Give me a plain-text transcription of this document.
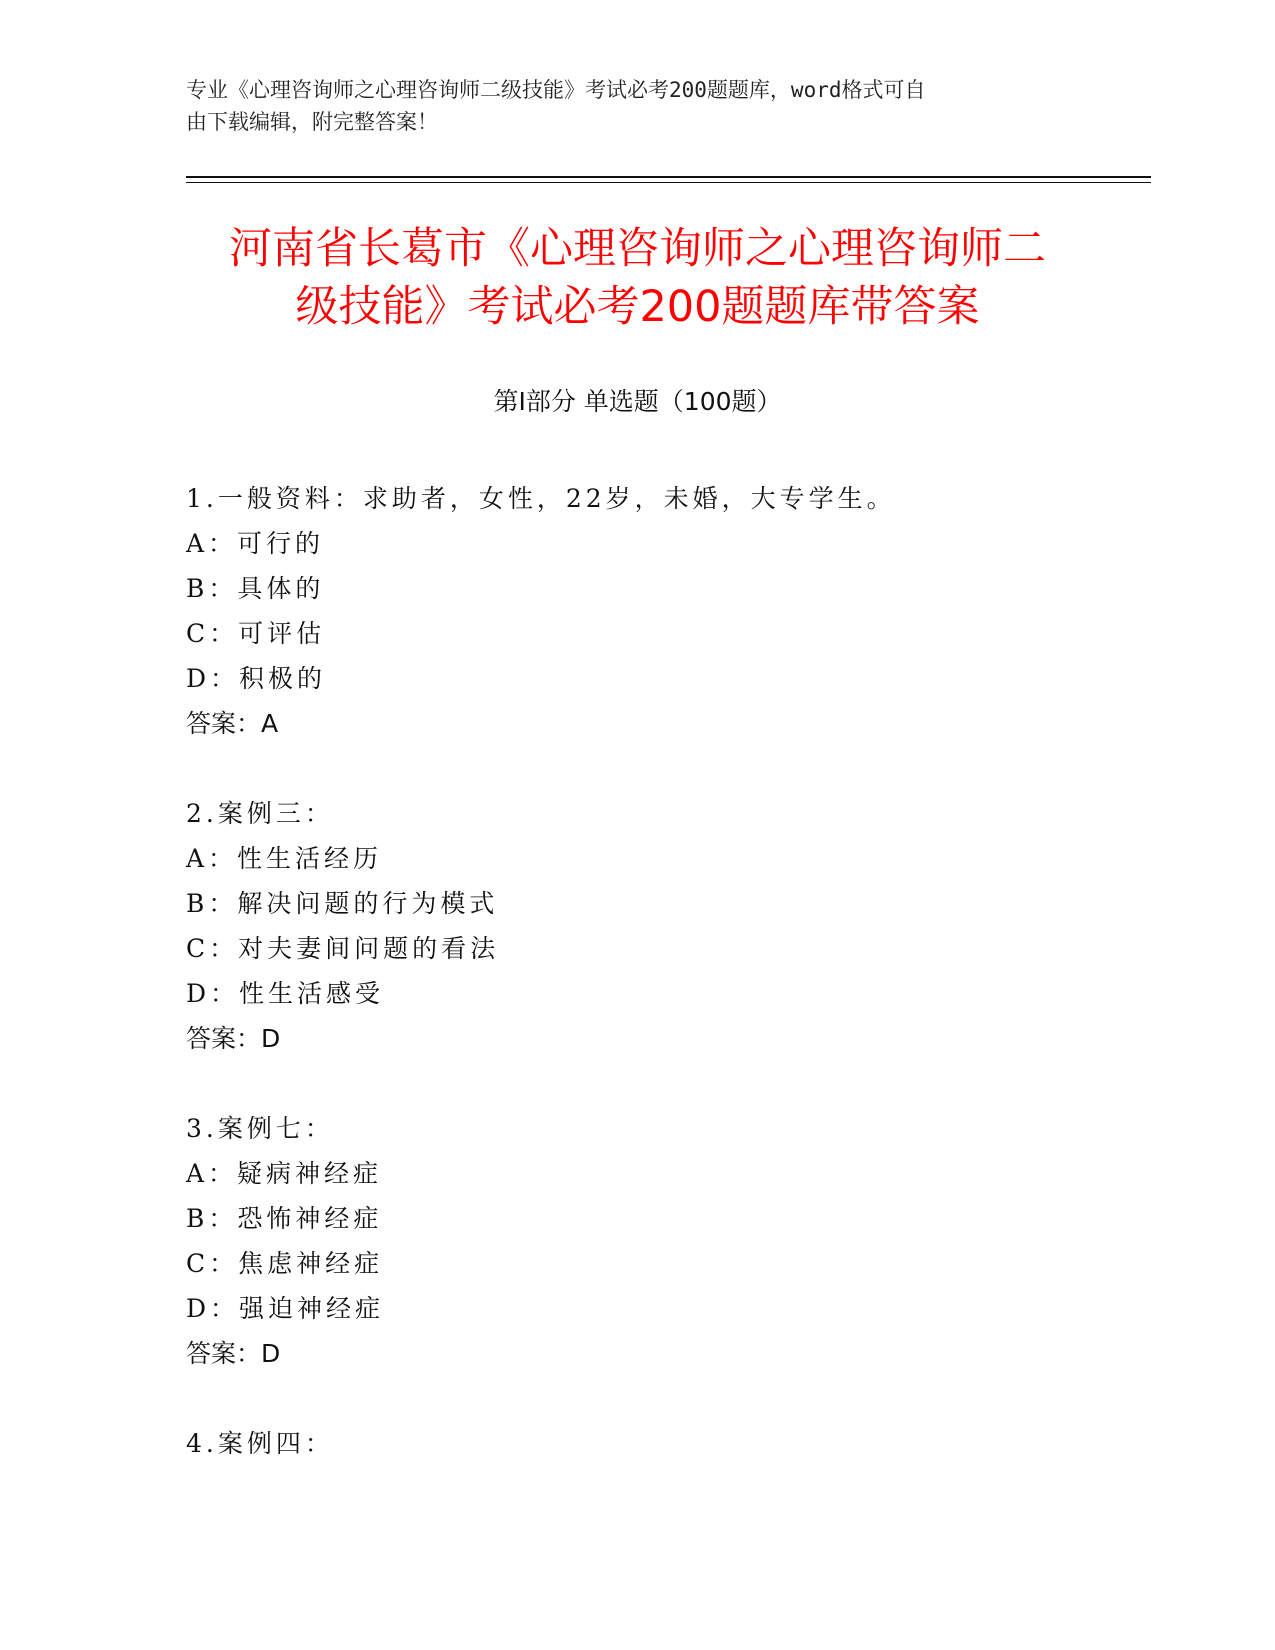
专业《心理咨询师之心理咨询师二级技能》考试必考200题题库，word格式可自
由下载编辑，附完整答案！
河南省长葛市《心理咨询师之心理咨询师二
级技能》考试必考200题题库带答案
第Ⅰ部分 单选题（100题）
1.一般资料：求助者，女性，22岁，未婚，大专学生。
A：可行的
B：具体的
C：可评估
D：积极的
答案：A
2.案例三：
A：性生活经历
B：解决问题的行为模式
C：对夫妻间问题的看法
D：性生活感受
答案：D
3.案例七：
A：疑病神经症
B：恐怖神经症
C：焦虑神经症
D：强迫神经症
答案：D
4.案例四：
